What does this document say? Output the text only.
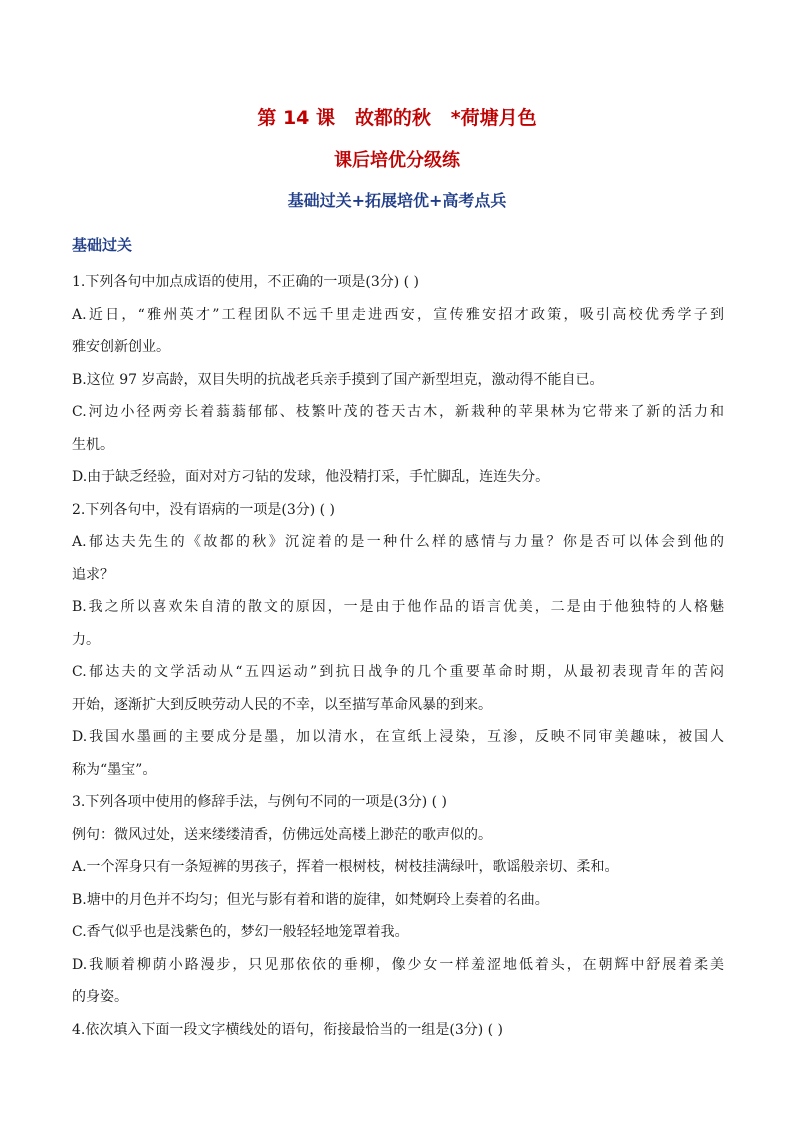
第 14 课   故都的秋   *荷塘月色
课后培优分级练
基础过关+拓展培优+高考点兵
基础过关
1.下列各句中加点成语的使用，不正确的一项是(3分) ( )
A.近日，“雅州英才”工程团队不远千里走进西安，宣传雅安招才政策，吸引高校优秀学子到
雅安创新创业。
B.这位 97 岁高龄，双目失明的抗战老兵亲手摸到了国产新型坦克，激动得不能自已。
C.河边小径两旁长着蓊蓊郁郁、枝繁叶茂的苍天古木，新栽种的苹果林为它带来了新的活力和
生机。
D.由于缺乏经验，面对对方刁钻的发球，他没精打采，手忙脚乱，连连失分。
2.下列各句中，没有语病的一项是(3分) ( )
A.郁达夫先生的《故都的秋》沉淀着的是一种什么样的感情与力量？你是否可以体会到他的
追求？
B.我之所以喜欢朱自清的散文的原因，一是由于他作品的语言优美，二是由于他独特的人格魅
力。
C.郁达夫的文学活动从“五四运动”到抗日战争的几个重要革命时期，从最初表现青年的苦闷
开始，逐渐扩大到反映劳动人民的不幸，以至描写革命风暴的到来。
D.我国水墨画的主要成分是墨，加以清水，在宣纸上浸染，互渗，反映不同审美趣味，被国人
称为“墨宝”。
3.下列各项中使用的修辞手法，与例句不同的一项是(3分) ( )
例句：微风过处，送来缕缕清香，仿佛远处高楼上渺茫的歌声似的。
A.一个浑身只有一条短裤的男孩子，挥着一根树枝，树枝挂满绿叶，歌谣般亲切、柔和。
B.塘中的月色并不均匀；但光与影有着和谐的旋律，如梵婀玲上奏着的名曲。
C.香气似乎也是浅紫色的，梦幻一般轻轻地笼罩着我。
D.我顺着柳荫小路漫步，只见那依依的垂柳，像少女一样羞涩地低着头，在朝辉中舒展着柔美
的身姿。
4.依次填入下面一段文字横线处的语句，衔接最恰当的一组是(3分) ( )
